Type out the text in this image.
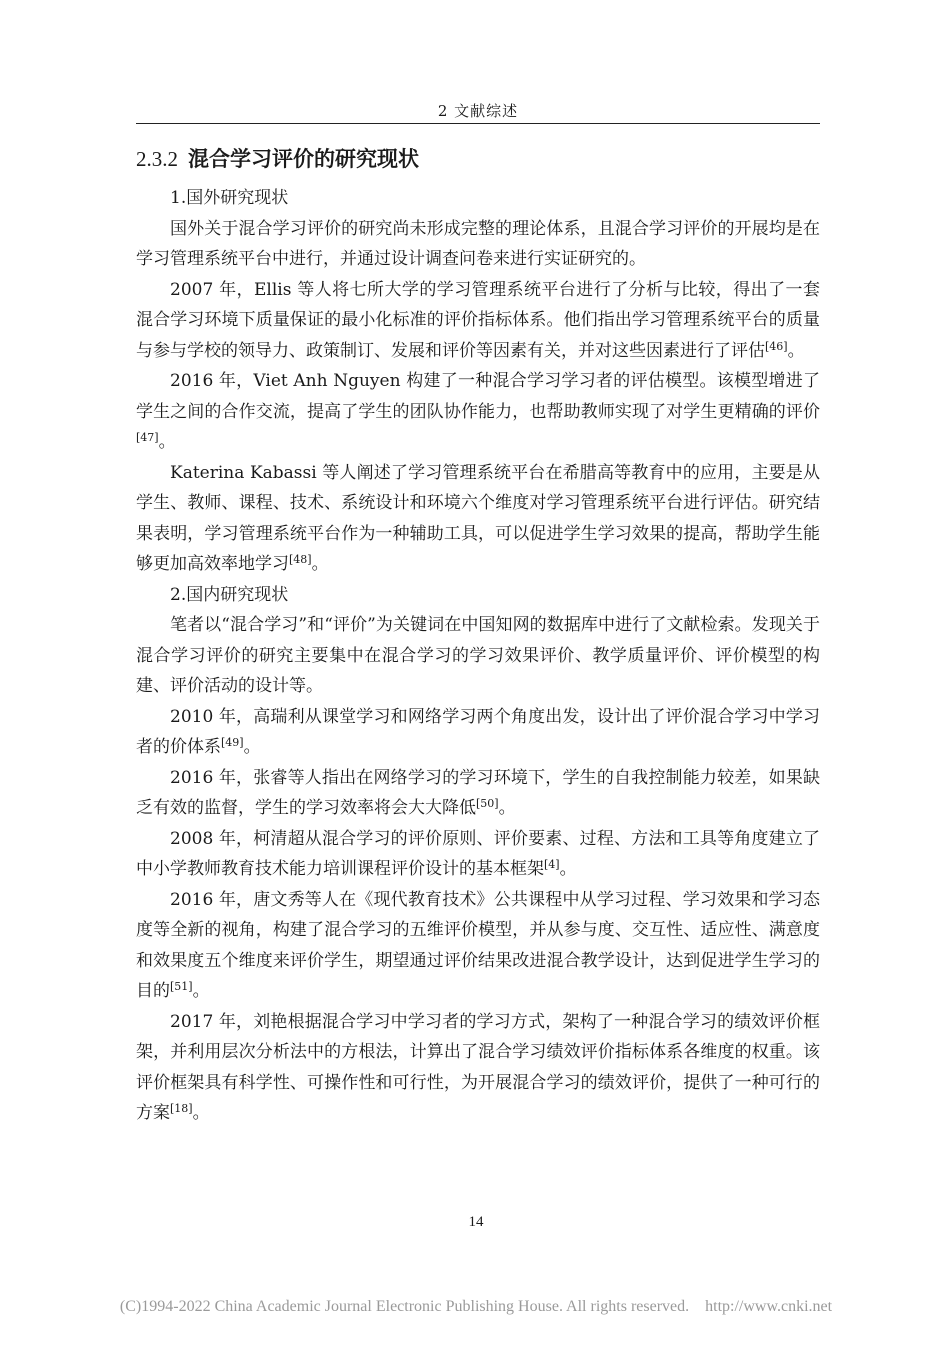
2 文献综述
2.3.2 混合学习评价的研究现状

1.国外研究现状

国外关于混合学习评价的研究尚未形成完整的理论体系，且混合学习评价的开展均是在学习管理系统平台中进行，并通过设计调查问卷来进行实证研究的。

2007 年，Ellis 等人将七所大学的学习管理系统平台进行了分析与比较，得出了一套混合学习环境下质量保证的最小化标准的评价指标体系。他们指出学习管理系统平台的质量与参与学校的领导力、政策制订、发展和评价等因素有关，并对这些因素进行了评估[46]。

2016 年，Viet Anh Nguyen 构建了一种混合学习学习者的评估模型。该模型增进了学生之间的合作交流，提高了学生的团队协作能力，也帮助教师实现了对学生更精确的评价[47]。

Katerina Kabassi 等人阐述了学习管理系统平台在希腊高等教育中的应用，主要是从学生、教师、课程、技术、系统设计和环境六个维度对学习管理系统平台进行评估。研究结果表明，学习管理系统平台作为一种辅助工具，可以促进学生学习效果的提高，帮助学生能够更加高效率地学习[48]。

2.国内研究现状

笔者以“混合学习”和“评价”为关键词在中国知网的数据库中进行了文献检索。发现关于混合学习评价的研究主要集中在混合学习的学习效果评价、教学质量评价、评价模型的构建、评价活动的设计等。

2010 年，高瑞利从课堂学习和网络学习两个角度出发，设计出了评价混合学习中学习者的价体系[49]。

2016 年，张睿等人指出在网络学习的学习环境下，学生的自我控制能力较差，如果缺乏有效的监督，学生的学习效率将会大大降低[50]。

2008 年，柯清超从混合学习的评价原则、评价要素、过程、方法和工具等角度建立了中小学教师教育技术能力培训课程评价设计的基本框架[4]。

2016 年，唐文秀等人在《现代教育技术》公共课程中从学习过程、学习效果和学习态度等全新的视角，构建了混合学习的五维评价模型，并从参与度、交互性、适应性、满意度和效果度五个维度来评价学生，期望通过评价结果改进混合教学设计，达到促进学生学习的目的[51]。

2017 年，刘艳根据混合学习中学习者的学习方式，架构了一种混合学习的绩效评价框架，并利用层次分析法中的方根法，计算出了混合学习绩效评价指标体系各维度的权重。该评价框架具有科学性、可操作性和可行性，为开展混合学习的绩效评价，提供了一种可行的方案[18]。

14
(C)1994-2022 China Academic Journal Electronic Publishing House. All rights reserved.    http://www.cnki.net
